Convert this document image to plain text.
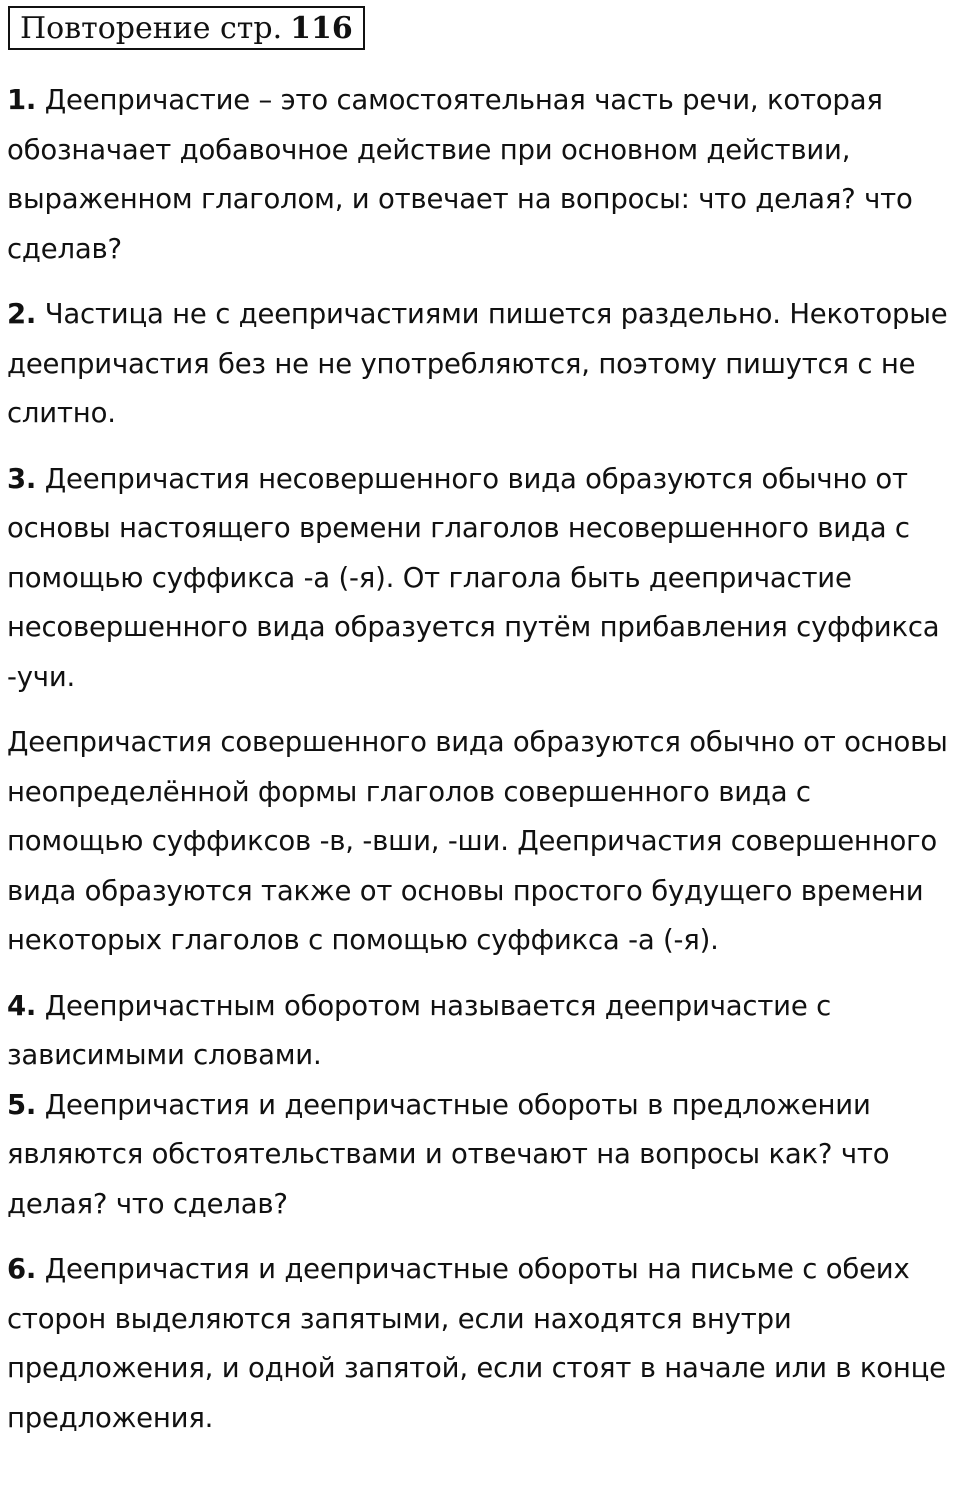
Повторение стр. 116

1. Деепричастие – это самостоятельная часть речи, которая обозначает добавочное действие при основном действии, выраженном глаголом, и отвечает на вопросы: что делая? что сделав?

2. Частица не с деепричастиями пишется раздельно. Некоторые деепричастия без не не употребляются, поэтому пишутся с не слитно.

3. Деепричастия несовершенного вида образуются обычно от основы настоящего времени глаголов несовершенного вида с помощью суффикса -а (-я). От глагола быть деепричастие несовершенного вида образуется путём прибавления суффикса -учи.

Деепричастия совершенного вида образуются обычно от основы неопределённой формы глаголов совершенного вида с помощью суффиксов -в, -вши, -ши. Деепричастия совершенного вида образуются также от основы простого будущего времени некоторых глаголов с помощью суффикса -а (-я).

4. Деепричастным оборотом называется деепричастие с зависимыми словами.

5. Деепричастия и деепричастные обороты в предложении являются обстоятельствами и отвечают на вопросы как? что делая? что сделав?

6. Деепричастия и деепричастные обороты на письме с обеих сторон выделяются запятыми, если находятся внутри предложения, и одной запятой, если стоят в начале или в конце предложения.
